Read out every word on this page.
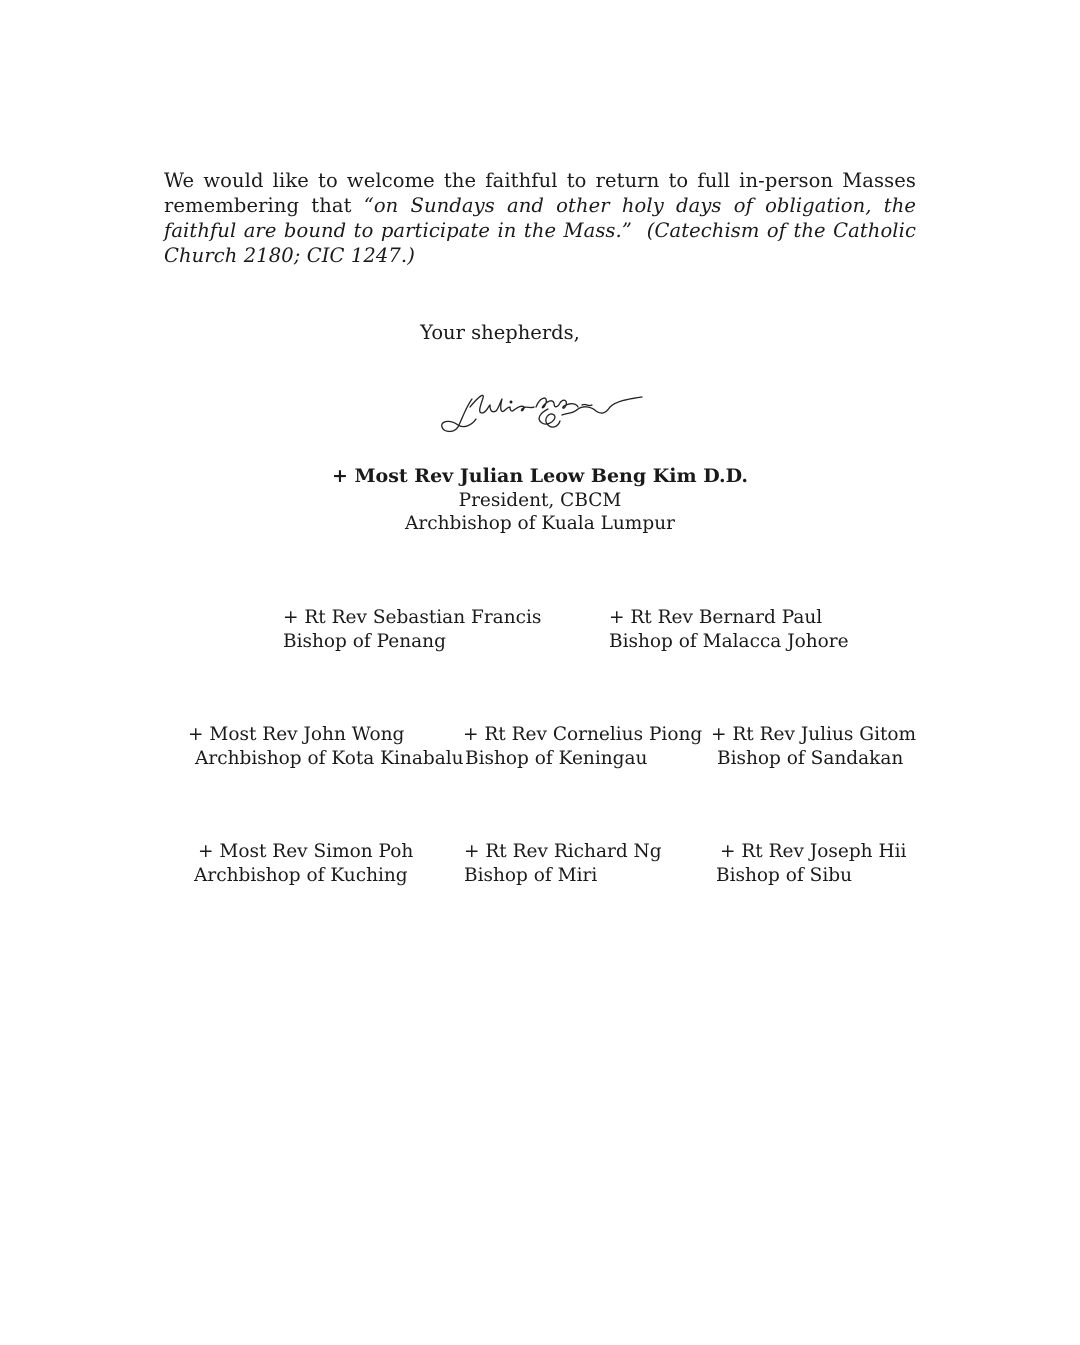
We would like to welcome the faithful to return to full in-person Masses remembering that “on Sundays and other holy days of obligation, the faithful are bound to participate in the Mass.” (Catechism of the Catholic Church 2180; CIC 1247.)

Your shepherds,
+ Most Rev Julian Leow Beng Kim D.D.
President, CBCM
Archbishop of Kuala Lumpur
+ Rt Rev Sebastian Francis
Bishop of Penang
+ Rt Rev Bernard Paul
Bishop of Malacca Johore
+ Most Rev John Wong
Archbishop of Kota Kinabalu
+ Rt Rev Cornelius Piong
Bishop of Keningau
+ Rt Rev Julius Gitom
Bishop of Sandakan
+ Most Rev Simon Poh
Archbishop of Kuching
+ Rt Rev Richard Ng
Bishop of Miri
+ Rt Rev Joseph Hii
Bishop of Sibu
